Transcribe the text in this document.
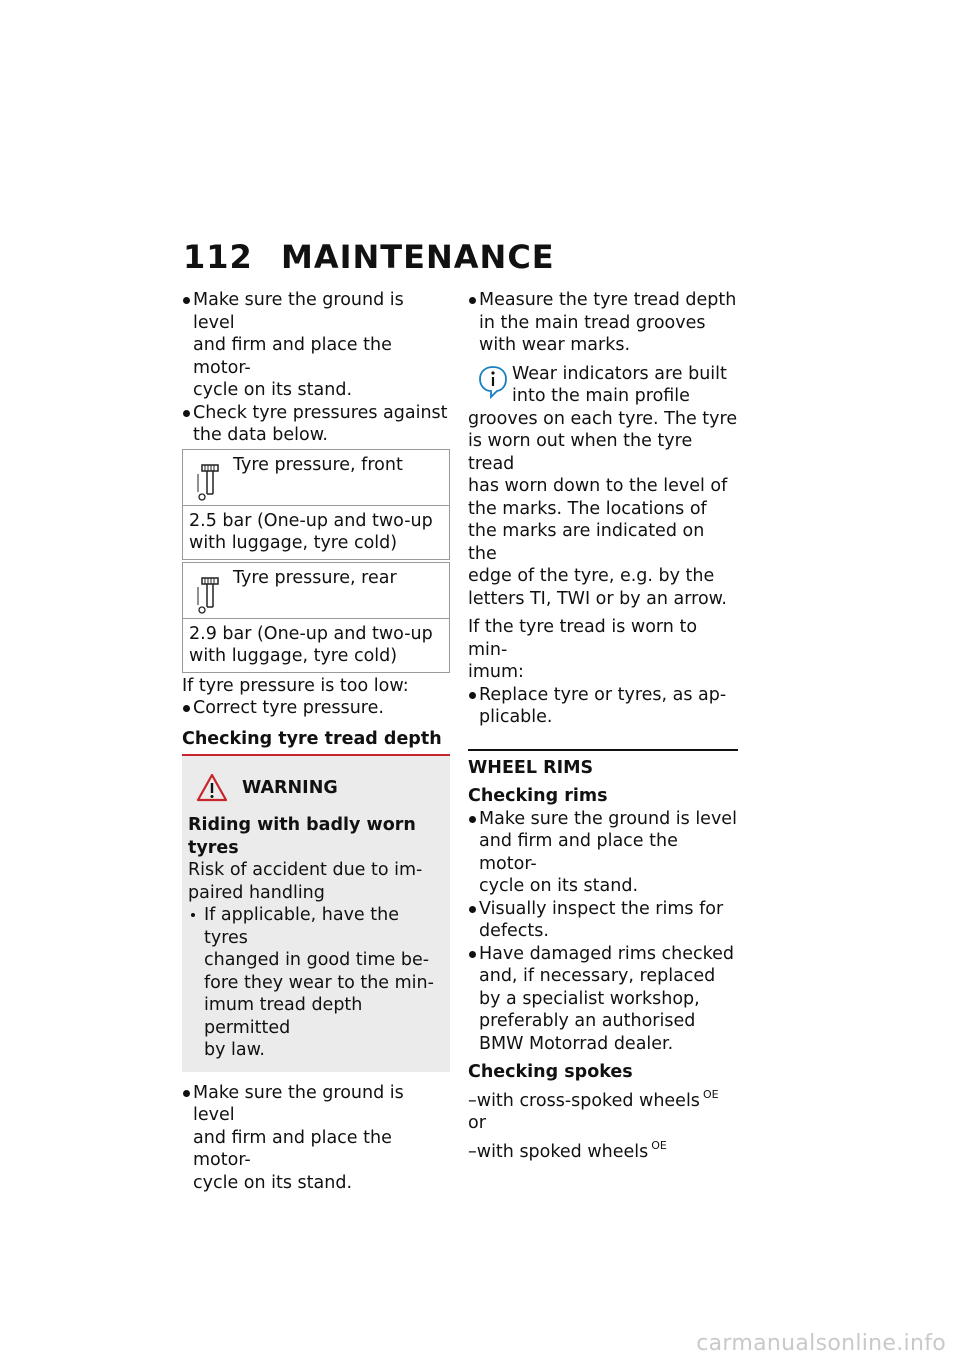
112 MAINTENANCE
Make sure the ground is level
and firm and place the motor-
cycle on its stand.
Check tyre pressures against
the data below.
Tyre pressure, front
2.5 bar (One-up and two-up
with luggage, tyre cold)
Tyre pressure, rear
2.9 bar (One-up and two-up
with luggage, tyre cold)
If tyre pressure is too low:
Correct tyre pressure.
Checking tyre tread depth
WARNING
Riding with badly worn tyres
Risk of accident due to im-
paired handling
If applicable, have the tyres
changed in good time be-
fore they wear to the min-
imum tread depth permitted
by law.
Make sure the ground is level
and firm and place the motor-
cycle on its stand.
Measure the tyre tread depth
in the main tread grooves
with wear marks.
Wear indicators are built
into the main profile
grooves on each tyre. The tyre
is worn out when the tyre tread
has worn down to the level of
the marks. The locations of
the marks are indicated on the
edge of the tyre, e.g. by the
letters TI, TWI or by an arrow.
If the tyre tread is worn to min-
imum:
Replace tyre or tyres, as ap-
plicable.
WHEEL RIMS
Checking rims
Make sure the ground is level
and firm and place the motor-
cycle on its stand.
Visually inspect the rims for
defects.
Have damaged rims checked
and, if necessary, replaced
by a specialist workshop,
preferably an authorised
BMW Motorrad dealer.
Checking spokes
–with cross-spoked wheels $^{OE}$
or
–with spoked wheels $^{OE}$
carmanualsonline.info
